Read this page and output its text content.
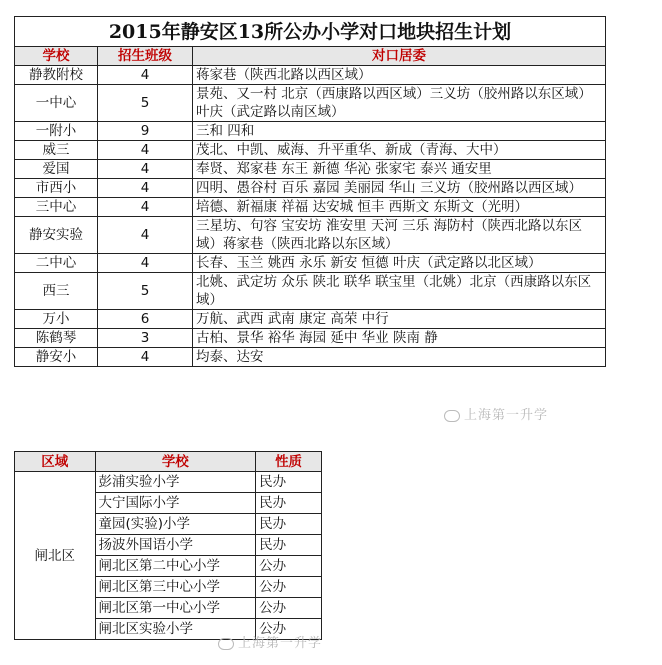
2015年静安区13所公办小学对口地块招生计划		
学校	招生班级	对口居委
静教附校	4	蒋家巷（陕西北路以西区域）
一中心	5	景苑、又一村 北京（西康路以西区域）三义坊（胶州路以东区域）叶庆（武定路以南区域）
一附小	9	三和 四和
威三	4	茂北、中凯、威海、升平重华、新成（青海、大中）
爱国	4	奉贤、郑家巷 东王 新德 华沁 张家宅 泰兴 通安里
市西小	4	四明、愚谷村 百乐 嘉园 美丽园 华山 三义坊（胶州路以西区域）
三中心	4	培德、新福康 祥福 达安城 恒丰 西斯文 东斯文（光明）
静安实验	4	三星坊、句容 宝安坊 淮安里 天河 三乐 海防村（陕西北路以东区域）蒋家巷（陕西北路以东区域）
二中心	4	长春、玉兰 姚西 永乐 新安 恒德 叶庆（武定路以北区域）
西三	5	北姚、武定坊 众乐 陕北 联华 联宝里（北姚）北京（西康路以东区域）
万小	6	万航、武西 武南 康定 高荣 中行
陈鹤琴	3	古柏、景华 裕华 海园 延中 华业 陕南 静
静安小	4	均泰、达安
区域	学校	性质
闸北区	彭浦实验小学	民办
	大宁国际小学	民办
	童园(实验)小学	民办
	扬波外国语小学	民办
	闸北区第二中心小学	公办
	闸北区第三中心小学	公办
	闸北区第一中心小学	公办
	闸北区实验小学	公办
上海第一升学
上海第一升学
